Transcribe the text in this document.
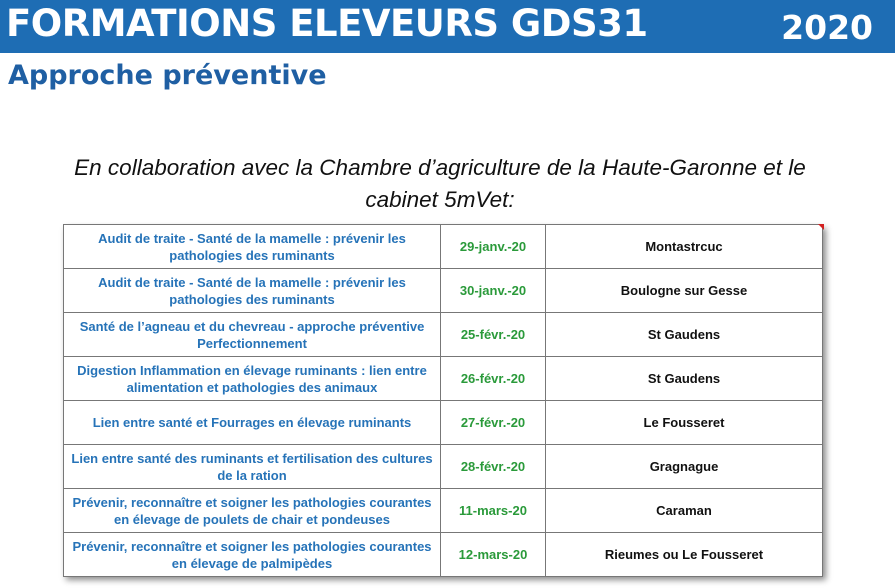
FORMATIONS ELEVEURS GDS31	2020
Approche préventive
En collaboration avec la Chambre d’agriculture de la Haute-Garonne et le cabinet 5mVet:
Audit de traite - Santé de la mamelle : prévenir les pathologies des ruminants	29-janv.-20	Montastrcuc
Audit de traite - Santé de la mamelle : prévenir les pathologies des ruminants	30-janv.-20	Boulogne sur Gesse
Santé de l’agneau et du chevreau - approche préventive Perfectionnement	25-févr.-20	St Gaudens
Digestion Inflammation en élevage ruminants : lien entre alimentation et pathologies des animaux	26-févr.-20	St Gaudens
Lien entre santé et Fourrages en élevage ruminants	27-févr.-20	Le Fousseret
Lien entre santé des ruminants et fertilisation des cultures de la ration	28-févr.-20	Gragnague
Prévenir, reconnaître et soigner les pathologies courantes en élevage de poulets de chair et pondeuses	11-mars-20	Caraman
Prévenir, reconnaître et soigner les pathologies courantes en élevage de palmipèdes	12-mars-20	Rieumes ou Le Fousseret
